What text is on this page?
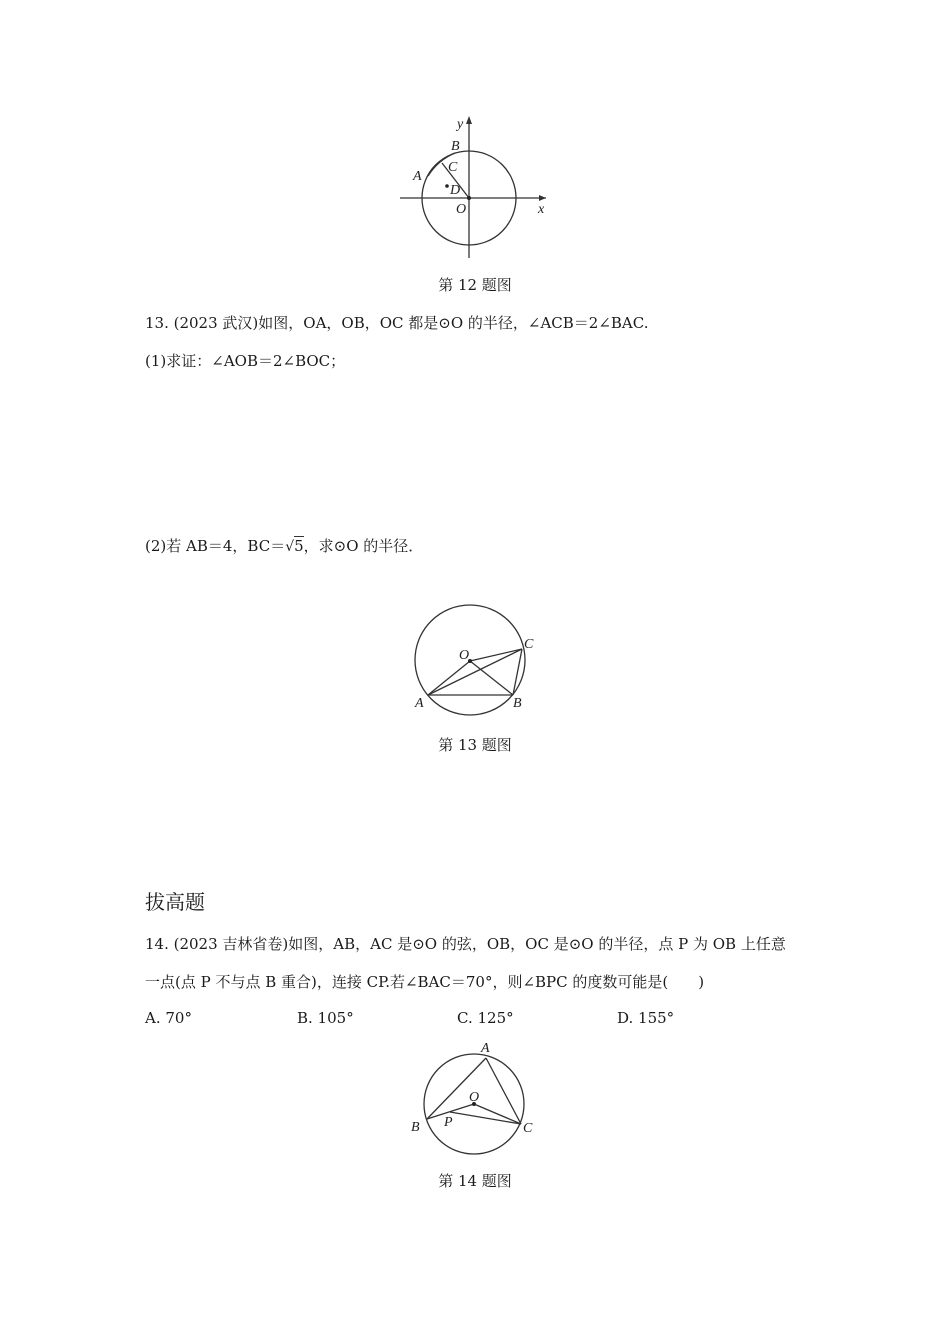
y
x
O
A
B
C
D
第 12 题图
13. (2023 武汉)如图，OA，OB，OC 都是⊙O 的半径，∠ACB＝2∠BAC.
(1)求证：∠AOB＝2∠BOC；
(2)若 AB＝4，BC＝√5，求⊙O 的半径．
O
C
A	B
第 13 题图
拔高题
14. (2023 吉林省卷)如图，AB，AC 是⊙O 的弦，OB，OC 是⊙O 的半径，点 P 为 OB 上任意
一点(点 P 不与点 B 重合)，连接 CP.若∠BAC＝70°，则∠BPC 的度数可能是(　　)
A. 70°	B. 105°	C. 125°	D. 155°
A
O
B P	C
第 14 题图
